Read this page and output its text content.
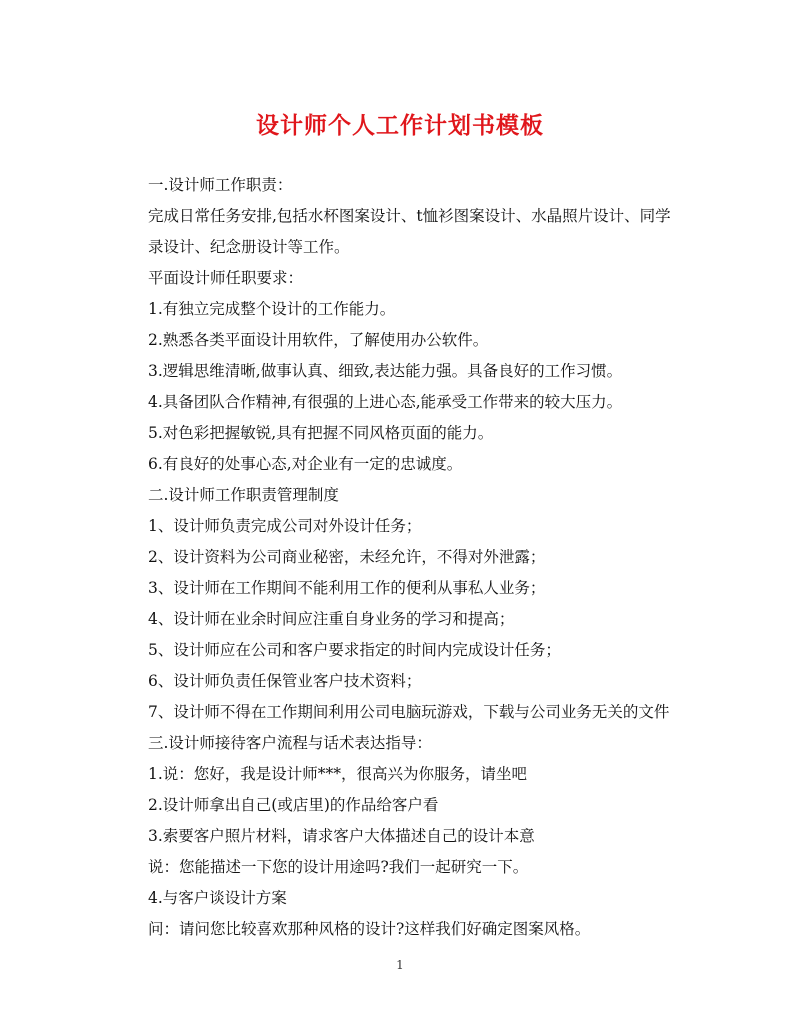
设计师个人工作计划书模板

一.设计师工作职责：

完成日常任务安排,包括水杯图案设计、t恤衫图案设计、水晶照片设计、同学录设计、纪念册设计等工作。

平面设计师任职要求：

1.有独立完成整个设计的工作能力。

2.熟悉各类平面设计用软件，了解使用办公软件。

3.逻辑思维清晰,做事认真、细致,表达能力强。具备良好的工作习惯。

4.具备团队合作精神,有很强的上进心态,能承受工作带来的较大压力。

5.对色彩把握敏锐,具有把握不同风格页面的能力。

6.有良好的处事心态,对企业有一定的忠诚度。

二.设计师工作职责管理制度

1、设计师负责完成公司对外设计任务；

2、设计资料为公司商业秘密，未经允许，不得对外泄露；

3、设计师在工作期间不能利用工作的便利从事私人业务；

4、设计师在业余时间应注重自身业务的学习和提高；

5、设计师应在公司和客户要求指定的时间内完成设计任务；

6、设计师负责任保管业客户技术资料；

7、设计师不得在工作期间利用公司电脑玩游戏，下载与公司业务无关的文件

三.设计师接待客户流程与话术表达指导：

1.说：您好，我是设计师***，很高兴为你服务，请坐吧

2.设计师拿出自己(或店里)的作品给客户看

3.索要客户照片材料，请求客户大体描述自己的设计本意

说：您能描述一下您的设计用途吗?我们一起研究一下。

4.与客户谈设计方案

问：请问您比较喜欢那种风格的设计?这样我们好确定图案风格。

1
